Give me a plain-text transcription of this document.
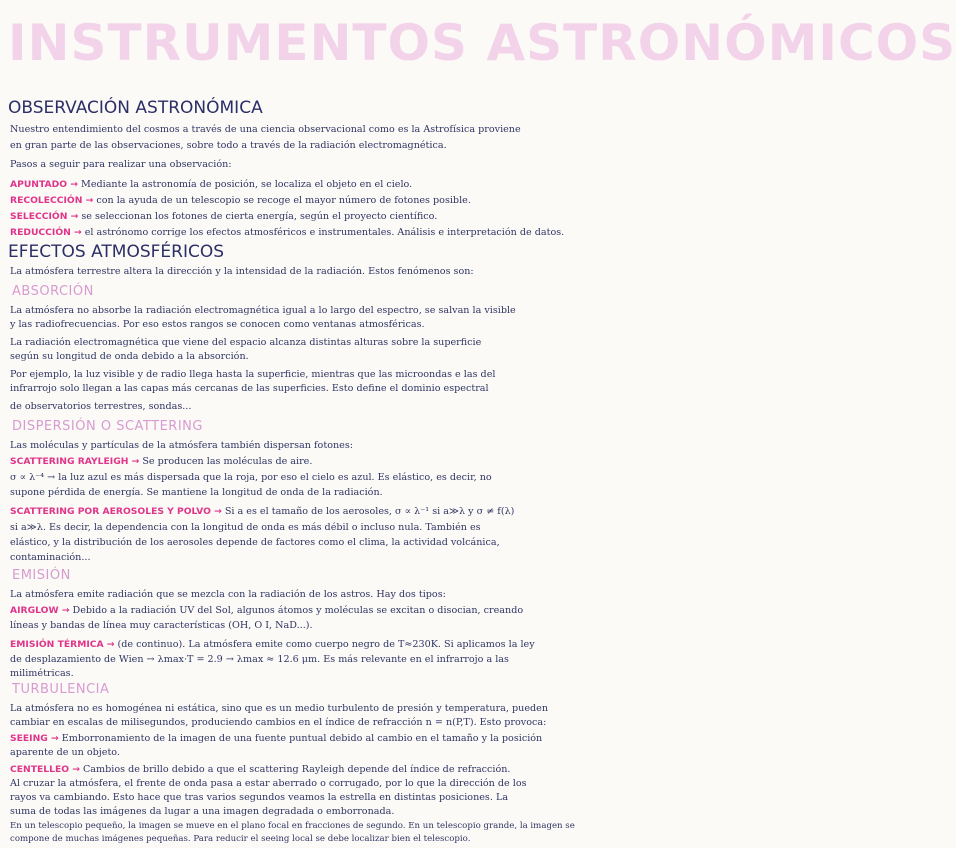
INSTRUMENTOS ASTRONÓMICOS
OBSERVACIÓN ASTRONÓMICA
Nuestro entendimiento del cosmos a través de una ciencia observacional como es la Astrofísica proviene
en gran parte de las observaciones, sobre todo a través de la radiación electromagnética.
Pasos a seguir para realizar una observación:
APUNTADO → Mediante la astronomía de posición, se localiza el objeto en el cielo.
RECOLECCIÓN → con la ayuda de un telescopio se recoge el mayor número de fotones posible.
SELECCIÓN → se seleccionan los fotones de cierta energía, según el proyecto científico.
REDUCCIÓN → el astrónomo corrige los efectos atmosféricos e instrumentales. Análisis e interpretación de datos.
EFECTOS ATMOSFÉRICOS
La atmósfera terrestre altera la dirección y la intensidad de la radiación. Estos fenómenos son:
ABSORCIÓN
La atmósfera no absorbe la radiación electromagnética igual a lo largo del espectro, se salvan la visible
y las radiofrecuencias. Por eso estos rangos se conocen como ventanas atmosféricas.
La radiación electromagnética que viene del espacio alcanza distintas alturas sobre la superficie
según su longitud de onda debido a la absorción.
Por ejemplo, la luz visible y de radio llega hasta la superficie, mientras que las microondas e las del
infrarrojo solo llegan a las capas más cercanas de las superficies. Esto define el dominio espectral
de observatorios terrestres, sondas...
DISPERSIÓN O SCATTERING
Las moléculas y partículas de la atmósfera también dispersan fotones:
SCATTERING RAYLEIGH → Se producen las moléculas de aire.
σ ∝ λ⁻⁴ → la luz azul es más dispersada que la roja, por eso el cielo es azul. Es elástico, es decir, no
supone pérdida de energía. Se mantiene la longitud de onda de la radiación.
SCATTERING POR AEROSOLES Y POLVO → Si a es el tamaño de los aerosoles, σ ∝ λ⁻¹ si a≫λ y σ ≠ f(λ)
si a≫λ. Es decir, la dependencia con la longitud de onda es más débil o incluso nula. También es
elástico, y la distribución de los aerosoles depende de factores como el clima, la actividad volcánica,
contaminación...
EMISIÓN
La atmósfera emite radiación que se mezcla con la radiación de los astros. Hay dos tipos:
AIRGLOW → Debido a la radiación UV del Sol, algunos átomos y moléculas se excitan o disocian, creando
líneas y bandas de línea muy características (OH, O I, NaD...).
EMISIÓN TÉRMICA → (de continuo). La atmósfera emite como cuerpo negro de T≈230K. Si aplicamos la ley
de desplazamiento de Wien → λmax·T = 2.9 → λmax ≈ 12.6 μm. Es más relevante en el infrarrojo a las
milimétricas.
TURBULENCIA
La atmósfera no es homogénea ni estática, sino que es un medio turbulento de presión y temperatura, pueden
cambiar en escalas de milisegundos, produciendo cambios en el índice de refracción n = n(P,T). Esto provoca:
SEEING → Emborronamiento de la imagen de una fuente puntual debido al cambio en el tamaño y la posición
aparente de un objeto.
CENTELLEO → Cambios de brillo debido a que el scattering Rayleigh depende del índice de refracción.
Al cruzar la atmósfera, el frente de onda pasa a estar aberrado o corrugado, por lo que la dirección de los
rayos va cambiando. Esto hace que tras varios segundos veamos la estrella en distintas posiciones. La
suma de todas las imágenes da lugar a una imagen degradada o emborronada.
En un telescopio pequeño, la imagen se mueve en el plano focal en fracciones de segundo. En un telescopio grande, la imagen se
compone de muchas imágenes pequeñas. Para reducir el seeing local se debe localizar bien el telescopio.
